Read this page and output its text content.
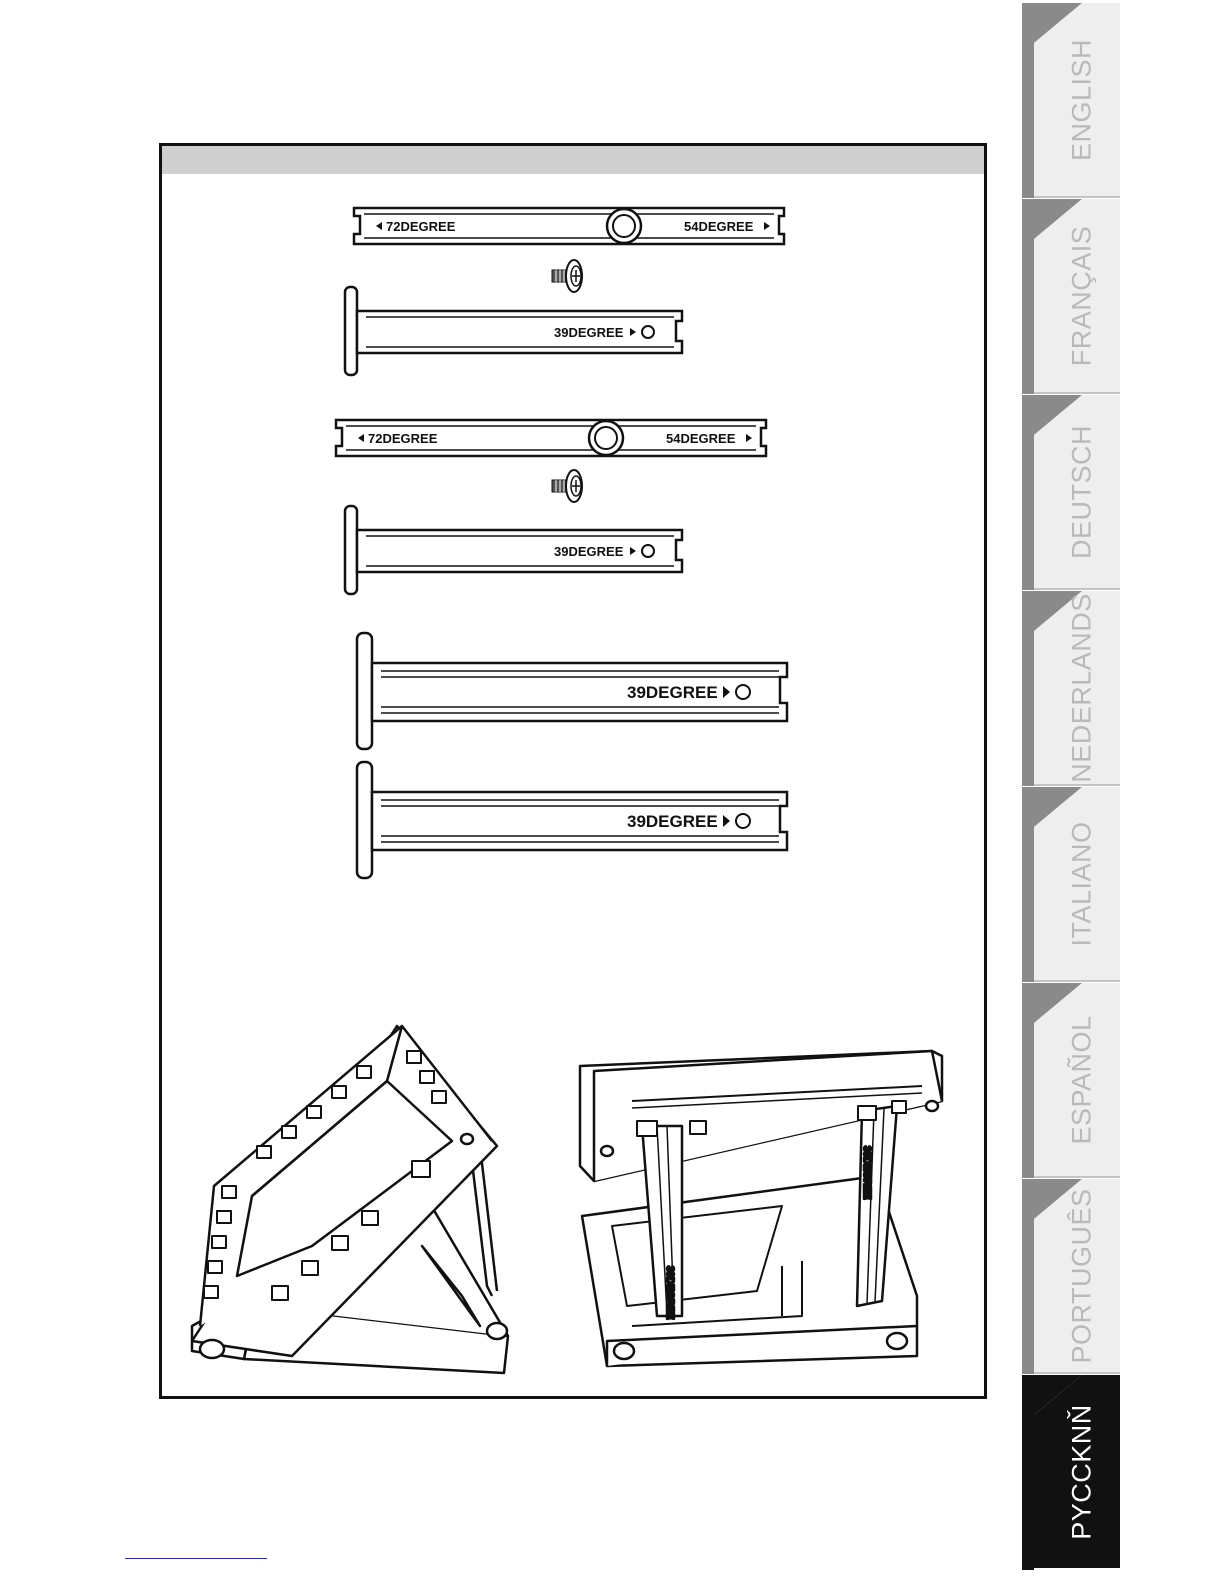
72DEGREE	54DEGREE
39DEGREE
72DEGREE	54DEGREE
39DEGREE
39DEGREE
39DEGREE
39DEGREE
39DEGREE
ENGLISH
FRANÇAIS
DEUTSCH
NEDERLANDS
ITALIANO
ESPAÑOL
PORTUGUÊS
PYCCKNŇ
